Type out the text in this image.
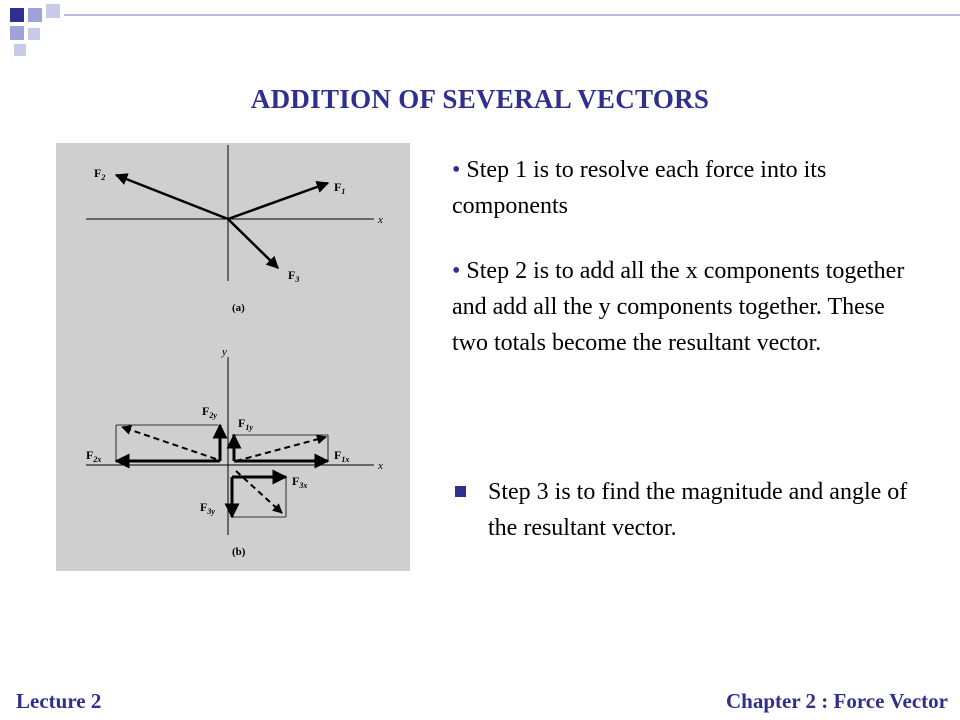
ADDITION OF SEVERAL VECTORS
$F_2$
$F_1$
$F_3$
x
(a)
y
x
$F_{2y}$
$F_{1y}$
$F_{2x}$	$F_{1x}$
$F_{3x}$
$F_{3y}$
(b)
• Step 1 is to resolve each force into its components
• Step 2 is to add all the x components together and add all the y components together. These two totals become the resultant vector.
Step 3 is to find the magnitude and angle of the resultant vector.
Lecture 2	Chapter 2 : Force Vector
